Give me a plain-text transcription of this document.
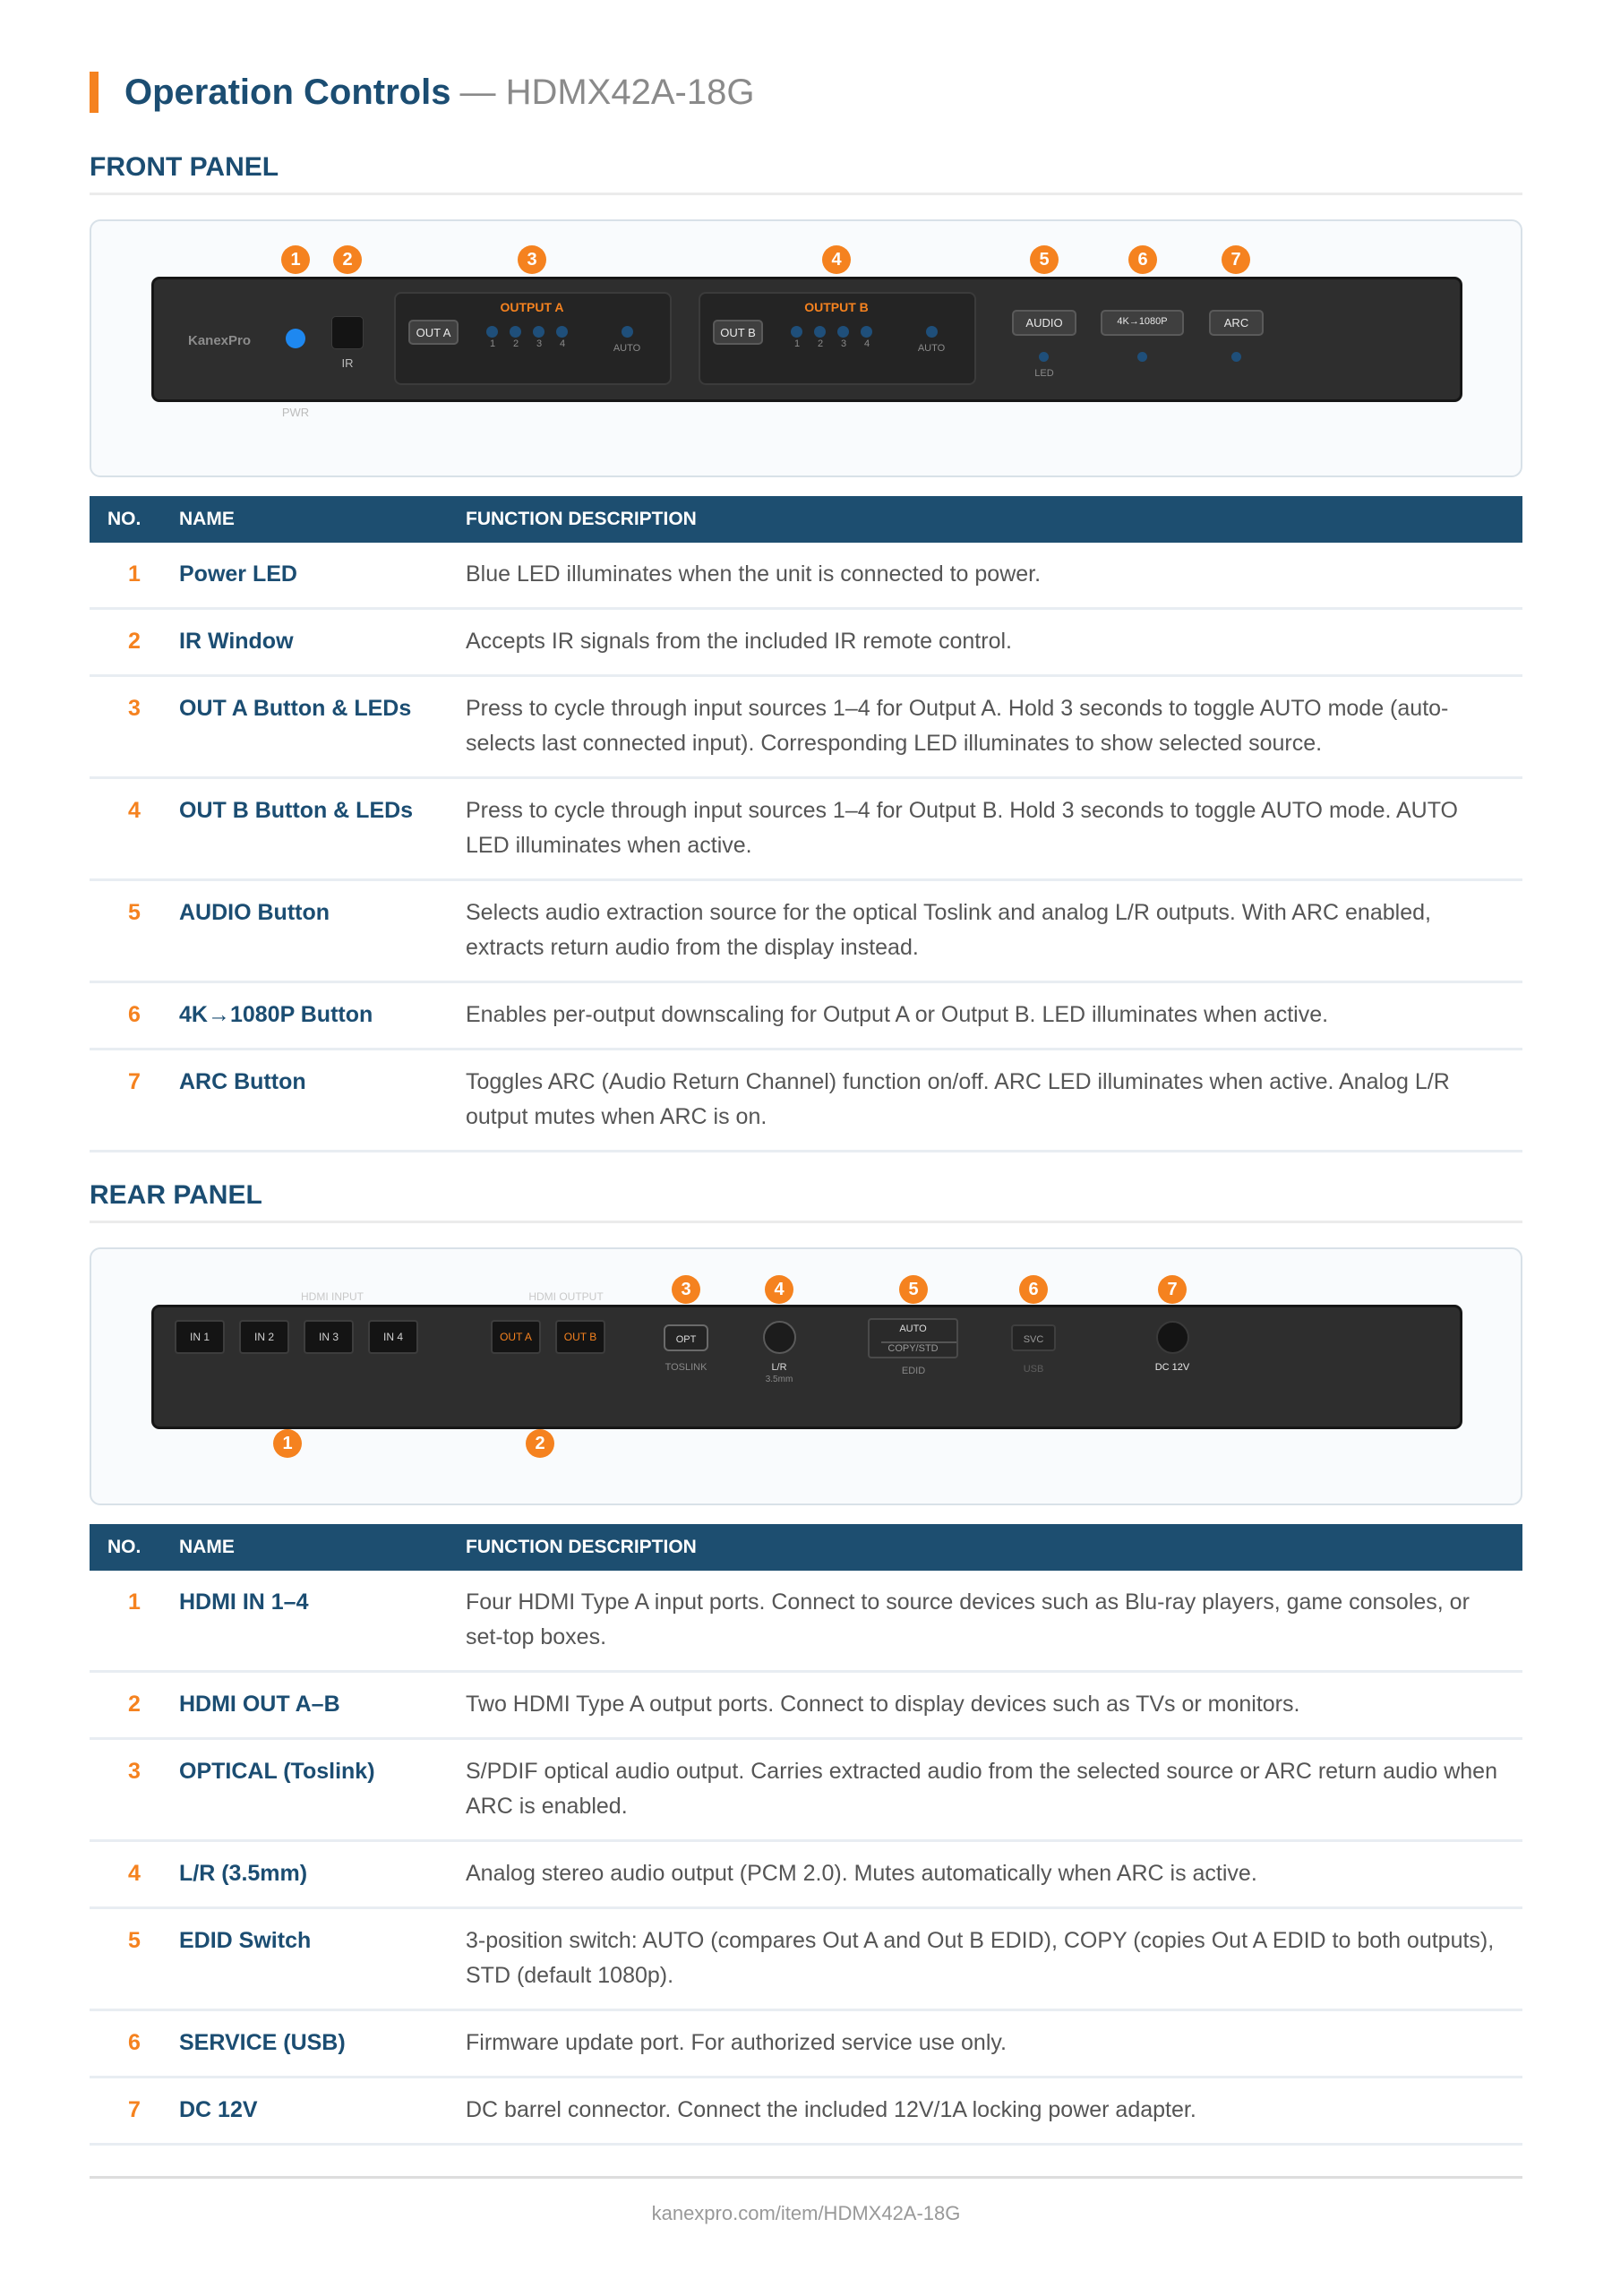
Operation Controls — HDMX42A-18G
FRONT PANEL
KanexPro
PWR
IR
OUTPUT A
OUT A
1 2 3 4	AUTO
OUTPUT B
OUT B
1 2 3 4	AUTO
AUDIO
LED
4K→1080P	ARC
1	2	3	4	5	6	7
NO.	NAME	FUNCTION DESCRIPTION
1	Power LED	Blue LED illuminates when the unit is connected to power.
2	IR Window	Accepts IR signals from the included IR remote control.
3	OUT A Button & LEDs	Press to cycle through input sources 1–4 for Output A. Hold 3 seconds to toggle AUTO mode (auto-selects last connected input). Corresponding LED illuminates to show selected source.
4	OUT B Button & LEDs	Press to cycle through input sources 1–4 for Output B. Hold 3 seconds to toggle AUTO mode. AUTO LED illuminates when active.
5	AUDIO Button	Selects audio extraction source for the optical Toslink and analog L/R outputs. With ARC enabled, extracts return audio from the display instead.
6	4K→1080P Button	Enables per-output downscaling for Output A or Output B. LED illuminates when active.
7	ARC Button	Toggles ARC (Audio Return Channel) function on/off. ARC LED illuminates when active. Analog L/R output mutes when ARC is on.
REAR PANEL
HDMI INPUT	HDMI OUTPUT
IN 1	IN 2	IN 3	IN 4	OUT A	OUT B	OPT
TOSLINK	L/R
3.5mm
AUTO
COPY/STD
EDID
SVC
USB	DC 12V
1	2
3	4	5	6	7
NO.	NAME	FUNCTION DESCRIPTION
1	HDMI IN 1–4	Four HDMI Type A input ports. Connect to source devices such as Blu-ray players, game consoles, or set-top boxes.
2	HDMI OUT A–B	Two HDMI Type A output ports. Connect to display devices such as TVs or monitors.
3	OPTICAL (Toslink)	S/PDIF optical audio output. Carries extracted audio from the selected source or ARC return audio when ARC is enabled.
4	L/R (3.5mm)	Analog stereo audio output (PCM 2.0). Mutes automatically when ARC is active.
5	EDID Switch	3-position switch: AUTO (compares Out A and Out B EDID), COPY (copies Out A EDID to both outputs), STD (default 1080p).
6	SERVICE (USB)	Firmware update port. For authorized service use only.
7	DC 12V	DC barrel connector. Connect the included 12V/1A locking power adapter.
kanexpro.com/item/HDMX42A-18G
